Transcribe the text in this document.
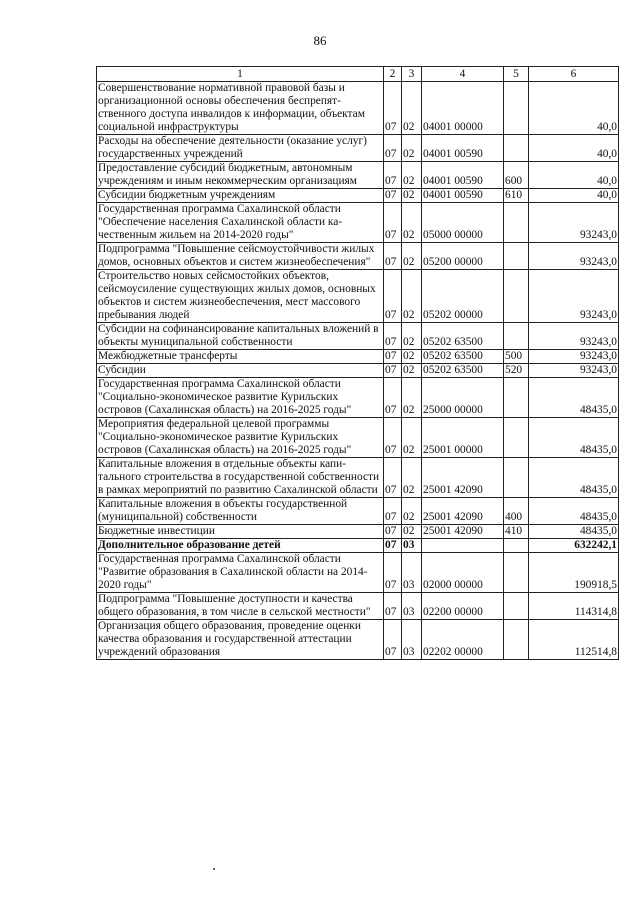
86
1	2	3	4	5	6
Совершенствование нормативной правовой базы и организационной основы обеспечения беспрепятственного доступа инвалидов к информации, объектам социальной инфраструктуры	07	02	04001 00000		40,0
Расходы на обеспечение деятельности (оказание услуг) государственных учреждений	07	02	04001 00590		40,0
Предоставление субсидий бюджетным, автономным учреждениям и иным некоммерческим организациям	07	02	04001 00590	600	40,0
Субсидии бюджетным учреждениям	07	02	04001 00590	610	40,0
Государственная программа Сахалинской области "Обеспечение населения Сахалинской области качественным жильем на 2014-2020 годы"	07	02	05000 00000		93243,0
Подпрограмма "Повышение сейсмоустойчивости жилых домов, основных объектов и систем жизнеобеспечения"	07	02	05200 00000		93243,0
Строительство новых сейсмостойких объектов, сейсмоусиление существующих жилых домов, основных объектов и систем жизнеобеспечения, мест массового пребывания людей	07	02	05202 00000		93243,0
Субсидии на софинансирование капитальных вложений в объекты муниципальной собственности	07	02	05202 63500		93243,0
Межбюджетные трансферты	07	02	05202 63500	500	93243,0
Субсидии	07	02	05202 63500	520	93243,0
Государственная программа Сахалинской области "Социально-экономическое развитие Курильских островов (Сахалинская область) на 2016-2025 годы"	07	02	25000 00000		48435,0
Мероприятия федеральной целевой программы "Социально-экономическое развитие Курильских островов (Сахалинская область) на 2016-2025 годы"	07	02	25001 00000		48435,0
Капитальные вложения в отдельные объекты капитального строительства в государственной собственности в рамках мероприятий по развитию Сахалинской области	07	02	25001 42090		48435,0
Капитальные вложения в объекты государственной (муниципальной) собственности	07	02	25001 42090	400	48435,0
Бюджетные инвестиции	07	02	25001 42090	410	48435,0
Дополнительное образование детей	07	03			632242,1
Государственная программа Сахалинской области "Развитие образования в Сахалинской области на 2014-2020 годы"	07	03	02000 00000		190918,5
Подпрограмма "Повышение доступности и качества общего образования, в том числе в сельской местности"	07	03	02200 00000		114314,8
Организация общего образования, проведение оценки качества образования и государственной аттестации учреждений образования	07	03	02202 00000		112514,8
